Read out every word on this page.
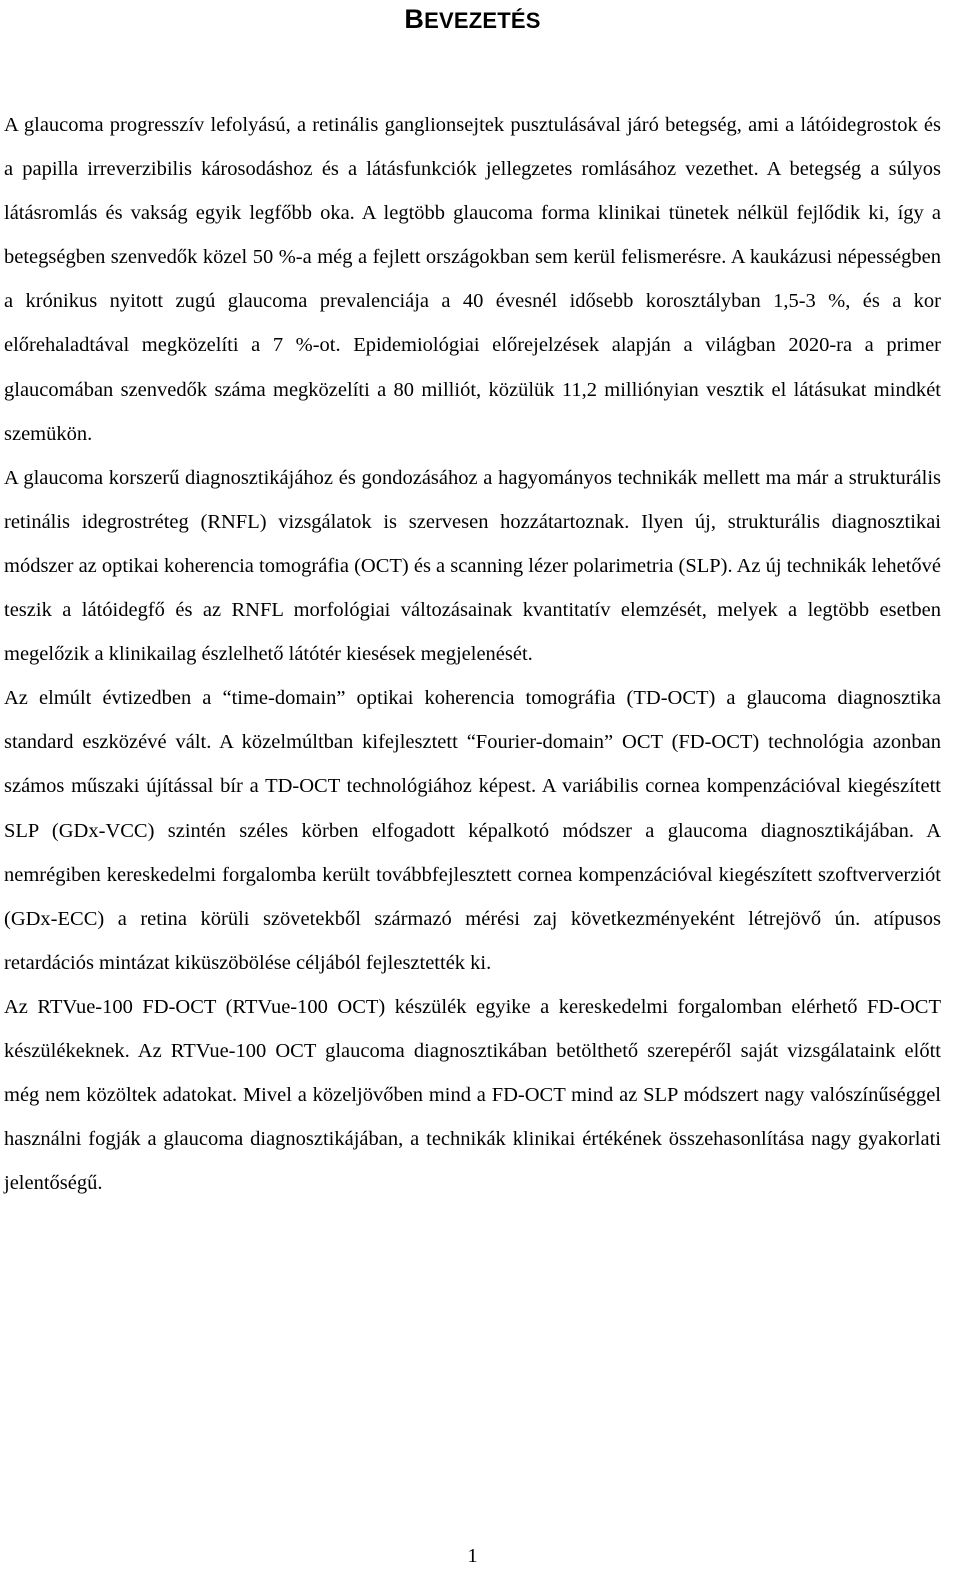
BEVEZETÉS

A glaucoma progresszív lefolyású, a retinális ganglionsejtek pusztulásával járó betegség, ami a látóidegrostok és a papilla irreverzibilis károsodáshoz és a látásfunkciók jellegzetes romlásához vezethet. A betegség a súlyos látásromlás és vakság egyik legfőbb oka. A legtöbb glaucoma forma klinikai tünetek nélkül fejlődik ki, így a betegségben szenvedők közel 50 %-a még a fejlett országokban sem kerül felismerésre. A kaukázusi népességben a krónikus nyitott zugú glaucoma prevalenciája a 40 évesnél idősebb korosztályban 1,5-3 %, és a kor előrehaladtával megközelíti a 7 %-ot. Epidemiológiai előrejelzések alapján a világban 2020-ra a primer glaucomában szenvedők száma megközelíti a 80 milliót, közülük 11,2 milliónyian vesztik el látásukat mindkét szemükön.

A glaucoma korszerű diagnosztikájához és gondozásához a hagyományos technikák mellett ma már a strukturális retinális idegrostréteg (RNFL) vizsgálatok is szervesen hozzátartoznak. Ilyen új, strukturális diagnosztikai módszer az optikai koherencia tomográfia (OCT) és a scanning lézer polarimetria (SLP). Az új technikák lehetővé teszik a látóidegfő és az RNFL morfológiai változásainak kvantitatív elemzését, melyek a legtöbb esetben megelőzik a klinikailag észlelhető látótér kiesések megjelenését.

Az elmúlt évtizedben a “time-domain” optikai koherencia tomográfia (TD-OCT) a glaucoma diagnosztika standard eszközévé vált. A közelmúltban kifejlesztett “Fourier-domain” OCT (FD-OCT) technológia azonban számos műszaki újítással bír a TD-OCT technológiához képest. A variábilis cornea kompenzációval kiegészített SLP (GDx-VCC) szintén széles körben elfogadott képalkotó módszer a glaucoma diagnosztikájában. A nemrégiben kereskedelmi forgalomba került továbbfejlesztett cornea kompenzációval kiegészített szoftververziót (GDx-ECC) a retina körüli szövetekből származó mérési zaj következményeként létrejövő ún. atípusos retardációs mintázat kiküszöbölése céljából fejlesztették ki.

Az RTVue-100 FD-OCT (RTVue-100 OCT) készülék egyike a kereskedelmi forgalomban elérhető FD-OCT készülékeknek. Az RTVue-100 OCT glaucoma diagnosztikában betölthető szerepéről saját vizsgálataink előtt még nem közöltek adatokat. Mivel a közeljövőben mind a FD-OCT mind az SLP módszert nagy valószínűséggel használni fogják a glaucoma diagnosztikájában, a technikák klinikai értékének összehasonlítása nagy gyakorlati jelentőségű.

1
